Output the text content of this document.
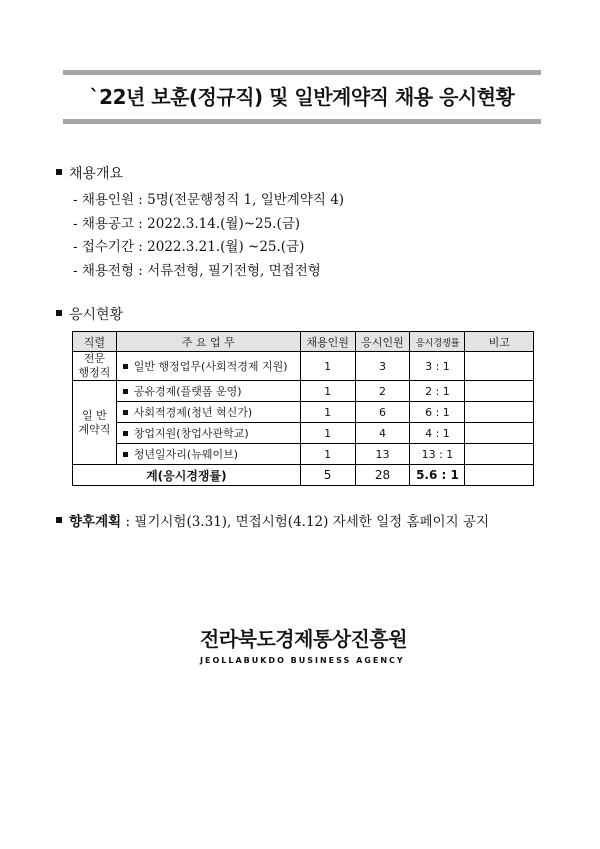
`22년 보훈(정규직) 및 일반계약직 채용 응시현황
채용개요
- 채용인원 : 5명(전문행정직 1, 일반계약직 4)
- 채용공고 : 2022.3.14.(월)~25.(금)
- 접수기간 : 2022.3.21.(월) ~25.(금)
- 채용전형 : 서류전형, 필기전형, 면접전형
응시현황
직렬	주 요 업 무	채용인원	응시인원	응시경쟁률	비고
전문
행정직	일반 행정업무(사회적경제 지원)	1	3	3 : 1	
일 반
계약직	공유경제(플랫폼 운영)	1	2	2 : 1	
	사회적경제(청년 혁신가)	1	6	6 : 1	
	창업지원(창업사관학교)	1	4	4 : 1	
	청년일자리(뉴웨이브)	1	13	13 : 1	
계(응시경쟁률)		5	28	5.6 : 1	
향후계획 : 필기시험(3.31), 면접시험(4.12) 자세한 일정 홈페이지 공지
전라북도경제통상진흥원
JEOLLABUKDO BUSINESS AGENCY
